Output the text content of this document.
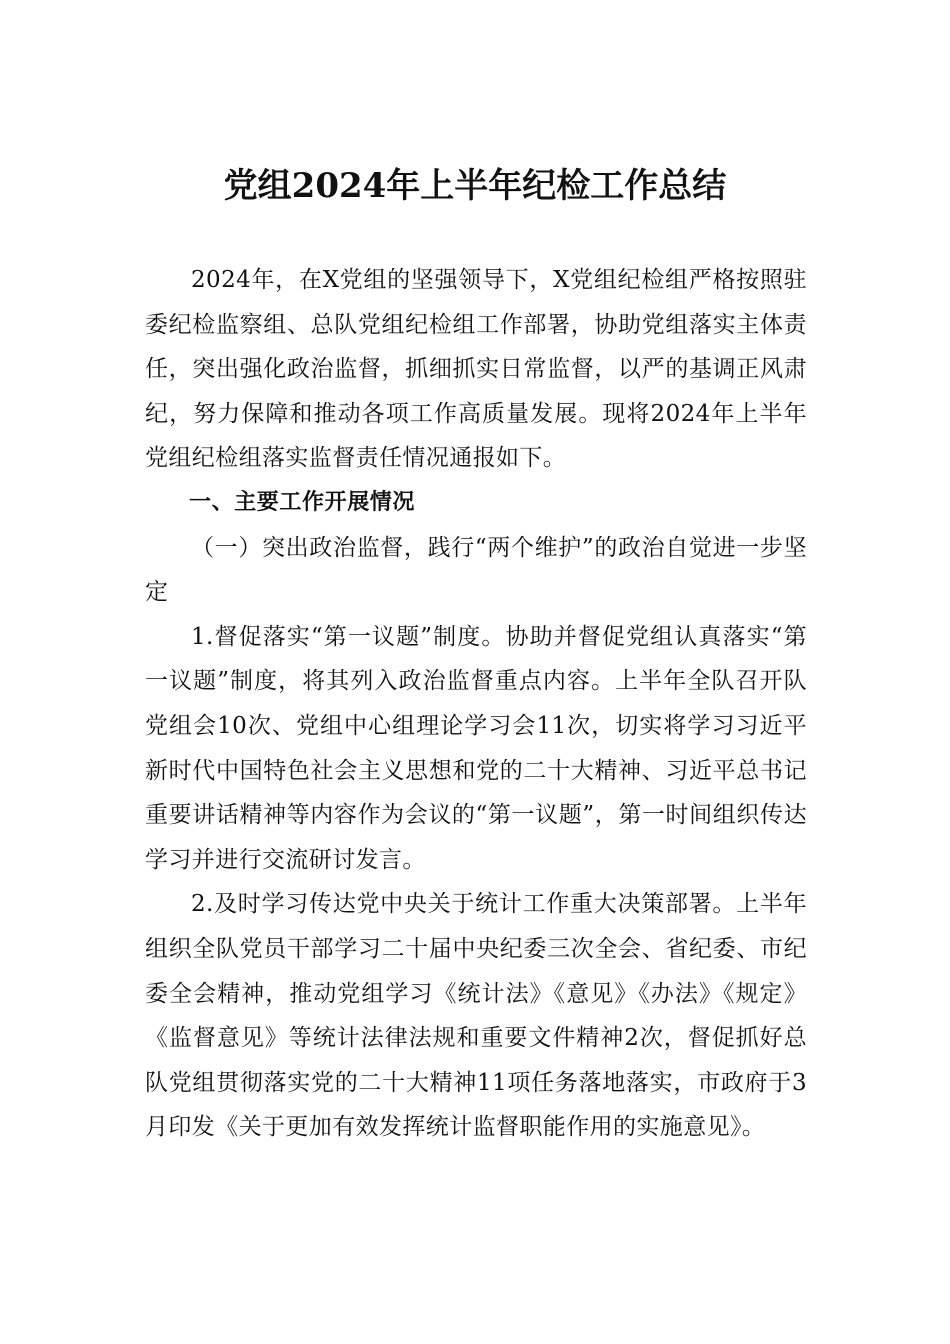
党组2024年上半年纪检工作总结

2024年，在X党组的坚强领导下，X党组纪检组严格按照驻委纪检监察组、总队党组纪检组工作部署，协助党组落实主体责任，突出强化政治监督，抓细抓实日常监督，以严的基调正风肃纪，努力保障和推动各项工作高质量发展。现将2024年上半年党组纪检组落实监督责任情况通报如下。

一、主要工作开展情况

（一）突出政治监督，践行“两个维护”的政治自觉进一步坚定

1.督促落实“第一议题”制度。协助并督促党组认真落实“第一议题”制度，将其列入政治监督重点内容。上半年全队召开队党组会10次、党组中心组理论学习会11次，切实将学习习近平新时代中国特色社会主义思想和党的二十大精神、习近平总书记重要讲话精神等内容作为会议的“第一议题”，第一时间组织传达学习并进行交流研讨发言。

2.及时学习传达党中央关于统计工作重大决策部署。上半年组织全队党员干部学习二十届中央纪委三次全会、省纪委、市纪委全会精神，推动党组学习《统计法》《意见》《办法》《规定》《监督意见》等统计法律法规和重要文件精神2次，督促抓好总队党组贯彻落实党的二十大精神11项任务落地落实，市政府于3月印发《关于更加有效发挥统计监督职能作用的实施意见》。
